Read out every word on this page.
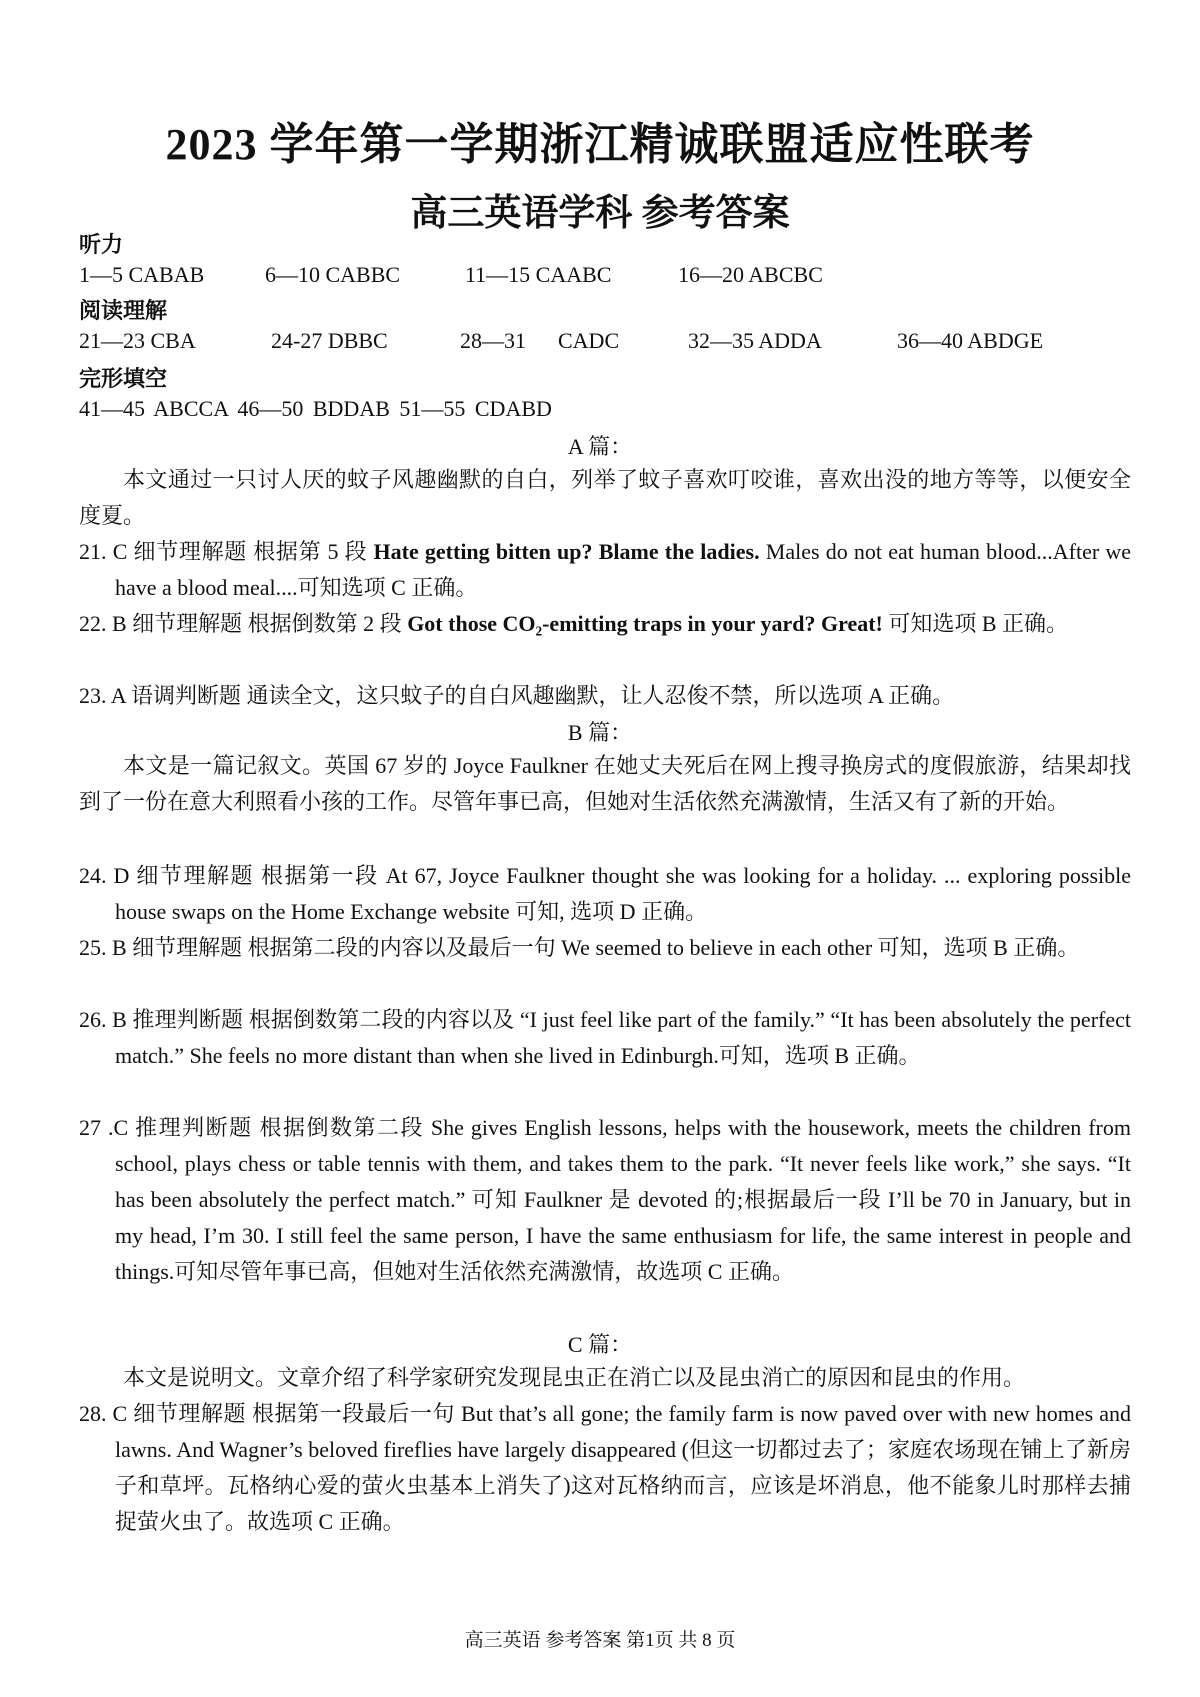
2023 学年第一学期浙江精诚联盟适应性联考
高三英语学科 参考答案
听力
1—5 CABAB	6—10 CABBC	11—15 CAABC	16—20 ABCBC
阅读理解
21—23 CBA	24-27 DBBC	28—31 CADC	32—35 ADDA	36—40 ABDGE
完形填空
41—45 ABCCA 46—50 BDDAB 51—55 CDABD
A 篇：
本文通过一只讨人厌的蚊子风趣幽默的自白，列举了蚊子喜欢叮咬谁，喜欢出没的地方等等，以便安全度夏。
21. C 细节理解题 根据第 5 段 Hate getting bitten up? Blame the ladies. Males do not eat human blood...After we have a blood meal....可知选项 C 正确。
22. B 细节理解题 根据倒数第 2 段 Got those CO₂-emitting traps in your yard? Great! 可知选项 B 正确。
23. A 语调判断题 通读全文，这只蚊子的自白风趣幽默，让人忍俊不禁，所以选项 A 正确。
B 篇：
本文是一篇记叙文。英国 67 岁的 Joyce Faulkner 在她丈夫死后在网上搜寻换房式的度假旅游，结果却找到了一份在意大利照看小孩的工作。尽管年事已高，但她对生活依然充满激情，生活又有了新的开始。
24. D 细节理解题 根据第一段 At 67, Joyce Faulkner thought she was looking for a holiday. ... exploring possible house swaps on the Home Exchange website 可知, 选项 D 正确。
25. B 细节理解题 根据第二段的内容以及最后一句 We seemed to believe in each other 可知，选项 B 正确。
26. B 推理判断题 根据倒数第二段的内容以及 “I just feel like part of the family.” “It has been absolutely the perfect match.” She feels no more distant than when she lived in Edinburgh.可知，选项 B 正确。
27 .C 推理判断题 根据倒数第二段 She gives English lessons, helps with the housework, meets the children from school, plays chess or table tennis with them, and takes them to the park. “It never feels like work,” she says. “It has been absolutely the perfect match.” 可知 Faulkner 是 devoted 的;根据最后一段 I’ll be 70 in January, but in my head, I’m 30. I still feel the same person, I have the same enthusiasm for life, the same interest in people and things.可知尽管年事已高，但她对生活依然充满激情，故选项 C 正确。
C 篇：
本文是说明文。文章介绍了科学家研究发现昆虫正在消亡以及昆虫消亡的原因和昆虫的作用。
28. C 细节理解题 根据第一段最后一句 But that’s all gone; the family farm is now paved over with new homes and lawns. And Wagner’s beloved fireflies have largely disappeared (但这一切都过去了；家庭农场现在铺上了新房子和草坪。瓦格纳心爱的萤火虫基本上消失了)这对瓦格纳而言，应该是坏消息，他不能象儿时那样去捕捉萤火虫了。故选项 C 正确。
高三英语 参考答案 第1页 共 8 页
